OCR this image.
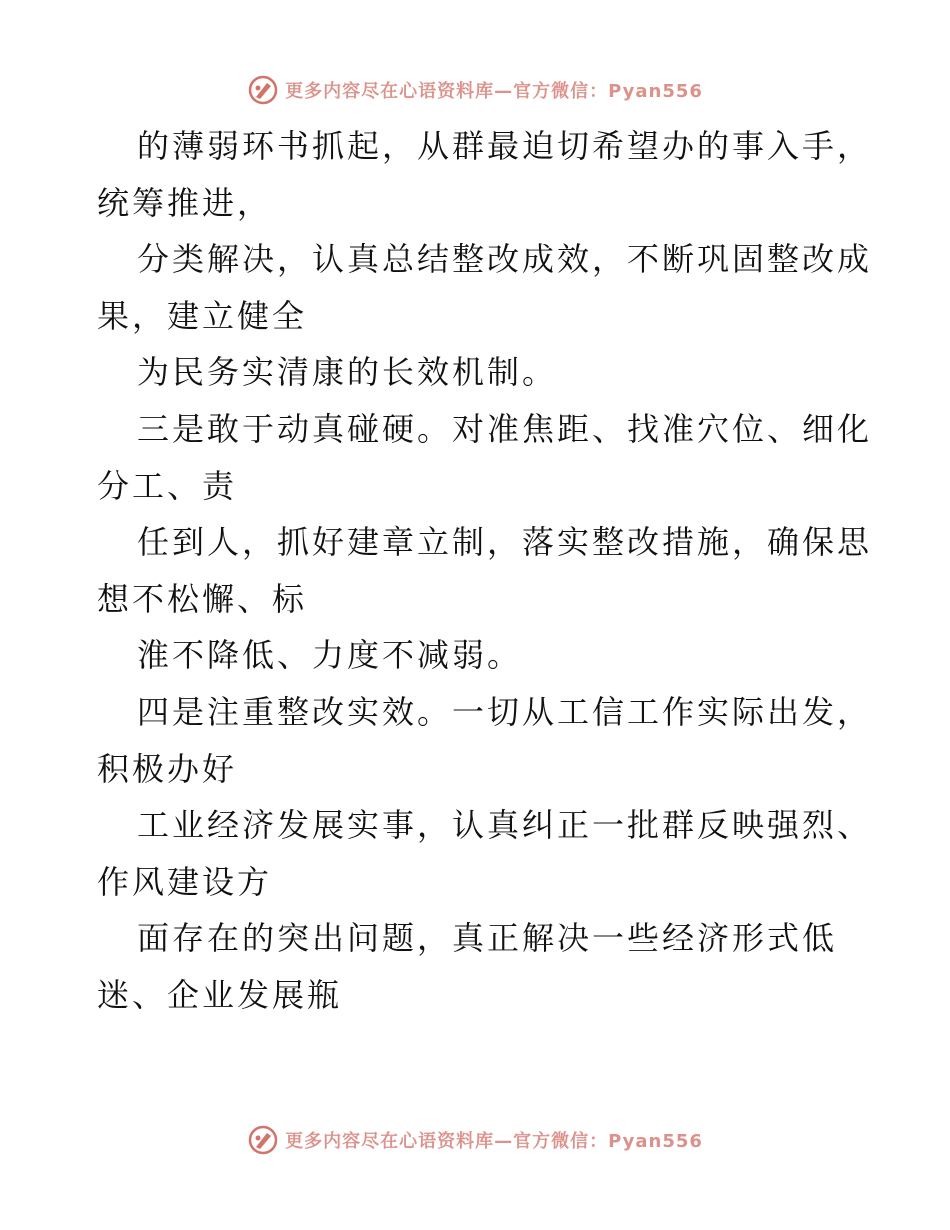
更多内容尽在心语资料库—官方微信：Pyan556
的薄弱环书抓起，从群最迫切希望办的事入手，
统筹推进，
分类解决，认真总结整改成效，不断巩固整改成
果，建立健全
为民务实清康的长效机制。
三是敢于动真碰硬。对准焦距、找准穴位、细化
分工、责
任到人，抓好建章立制，落实整改措施，确保思
想不松懈、标
淮不降低、力度不减弱。
四是注重整改实效。一切从工信工作实际出发，
积极办好
工业经济发展实事，认真纠正一批群反映强烈、
作风建设方
面存在的突出问题，真正解决一些经济形式低
迷、企业发展瓶
更多内容尽在心语资料库—官方微信：Pyan556
